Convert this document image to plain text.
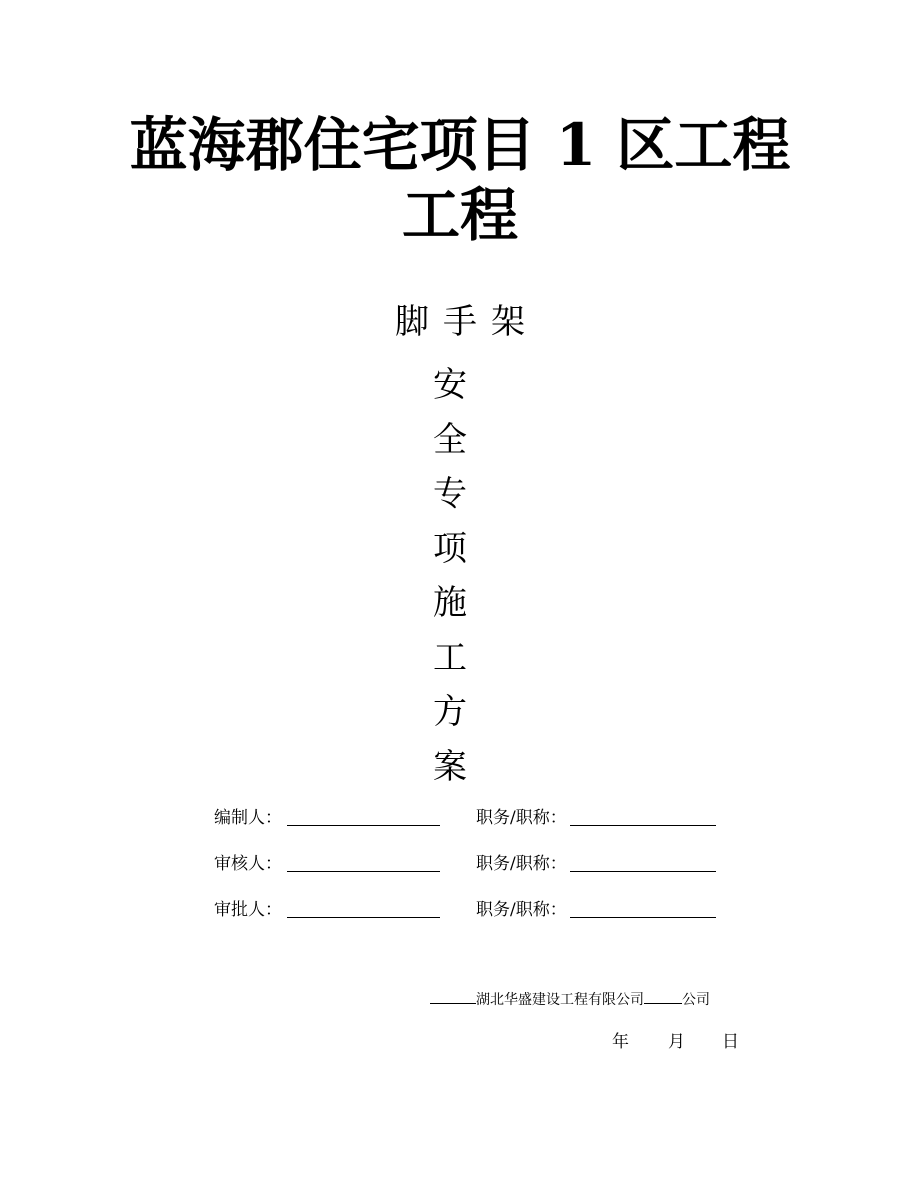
蓝海郡住宅项目 1 区工程
工程
脚手架
安
全
专
项
施
工
方
案
编制人：	职务/职称：
审核人：	职务/职称：
审批人：	职务/职称：
湖北华盛建设工程有限公司	公司
年 月 日
